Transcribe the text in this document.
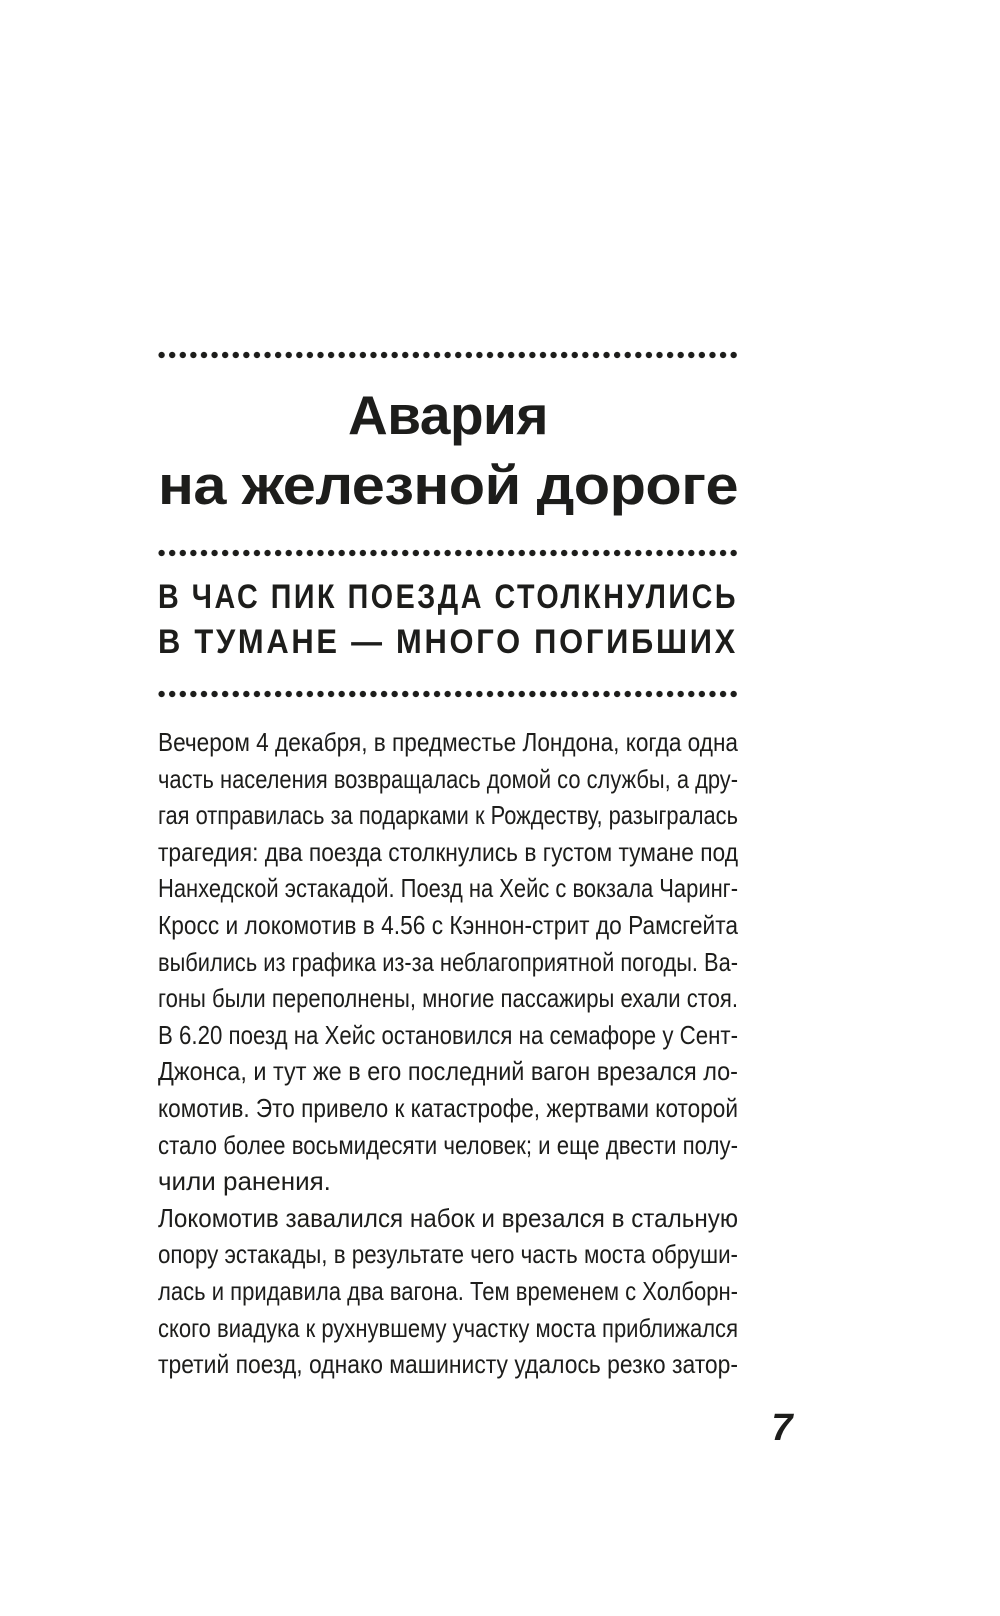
Авария
на железной дороге
В ЧАС ПИК ПОЕЗДА СТОЛКНУЛИСЬ
В ТУМАНЕ — МНОГО ПОГИБШИХ
Вечером 4 декабря, в предместье Лондона, когда одна
часть населения возвращалась домой со службы, а дру-
гая отправилась за подарками к Рождеству, разыгралась
трагедия: два поезда столкнулись в густом тумане под
Нанхедской эстакадой. Поезд на Хейс с вокзала Чаринг-
Кросс и локомотив в 4.56 с Кэннон-стрит до Рамсгейта
выбились из графика из-за неблагоприятной погоды. Ва-
гоны были переполнены, многие пассажиры ехали стоя.
В 6.20 поезд на Хейс остановился на семафоре у Сент-
Джонса, и тут же в его последний вагон врезался ло-
комотив. Это привело к катастрофе, жертвами которой
стало более восьмидесяти человек; и еще двести полу-
чили ранения.
Локомотив завалился набок и врезался в стальную
опору эстакады, в результате чего часть моста обруши-
лась и придавила два вагона. Тем временем с Холборн-
ского виадука к рухнувшему участку моста приближался
третий поезд, однако машинисту удалось резко затор-
7
